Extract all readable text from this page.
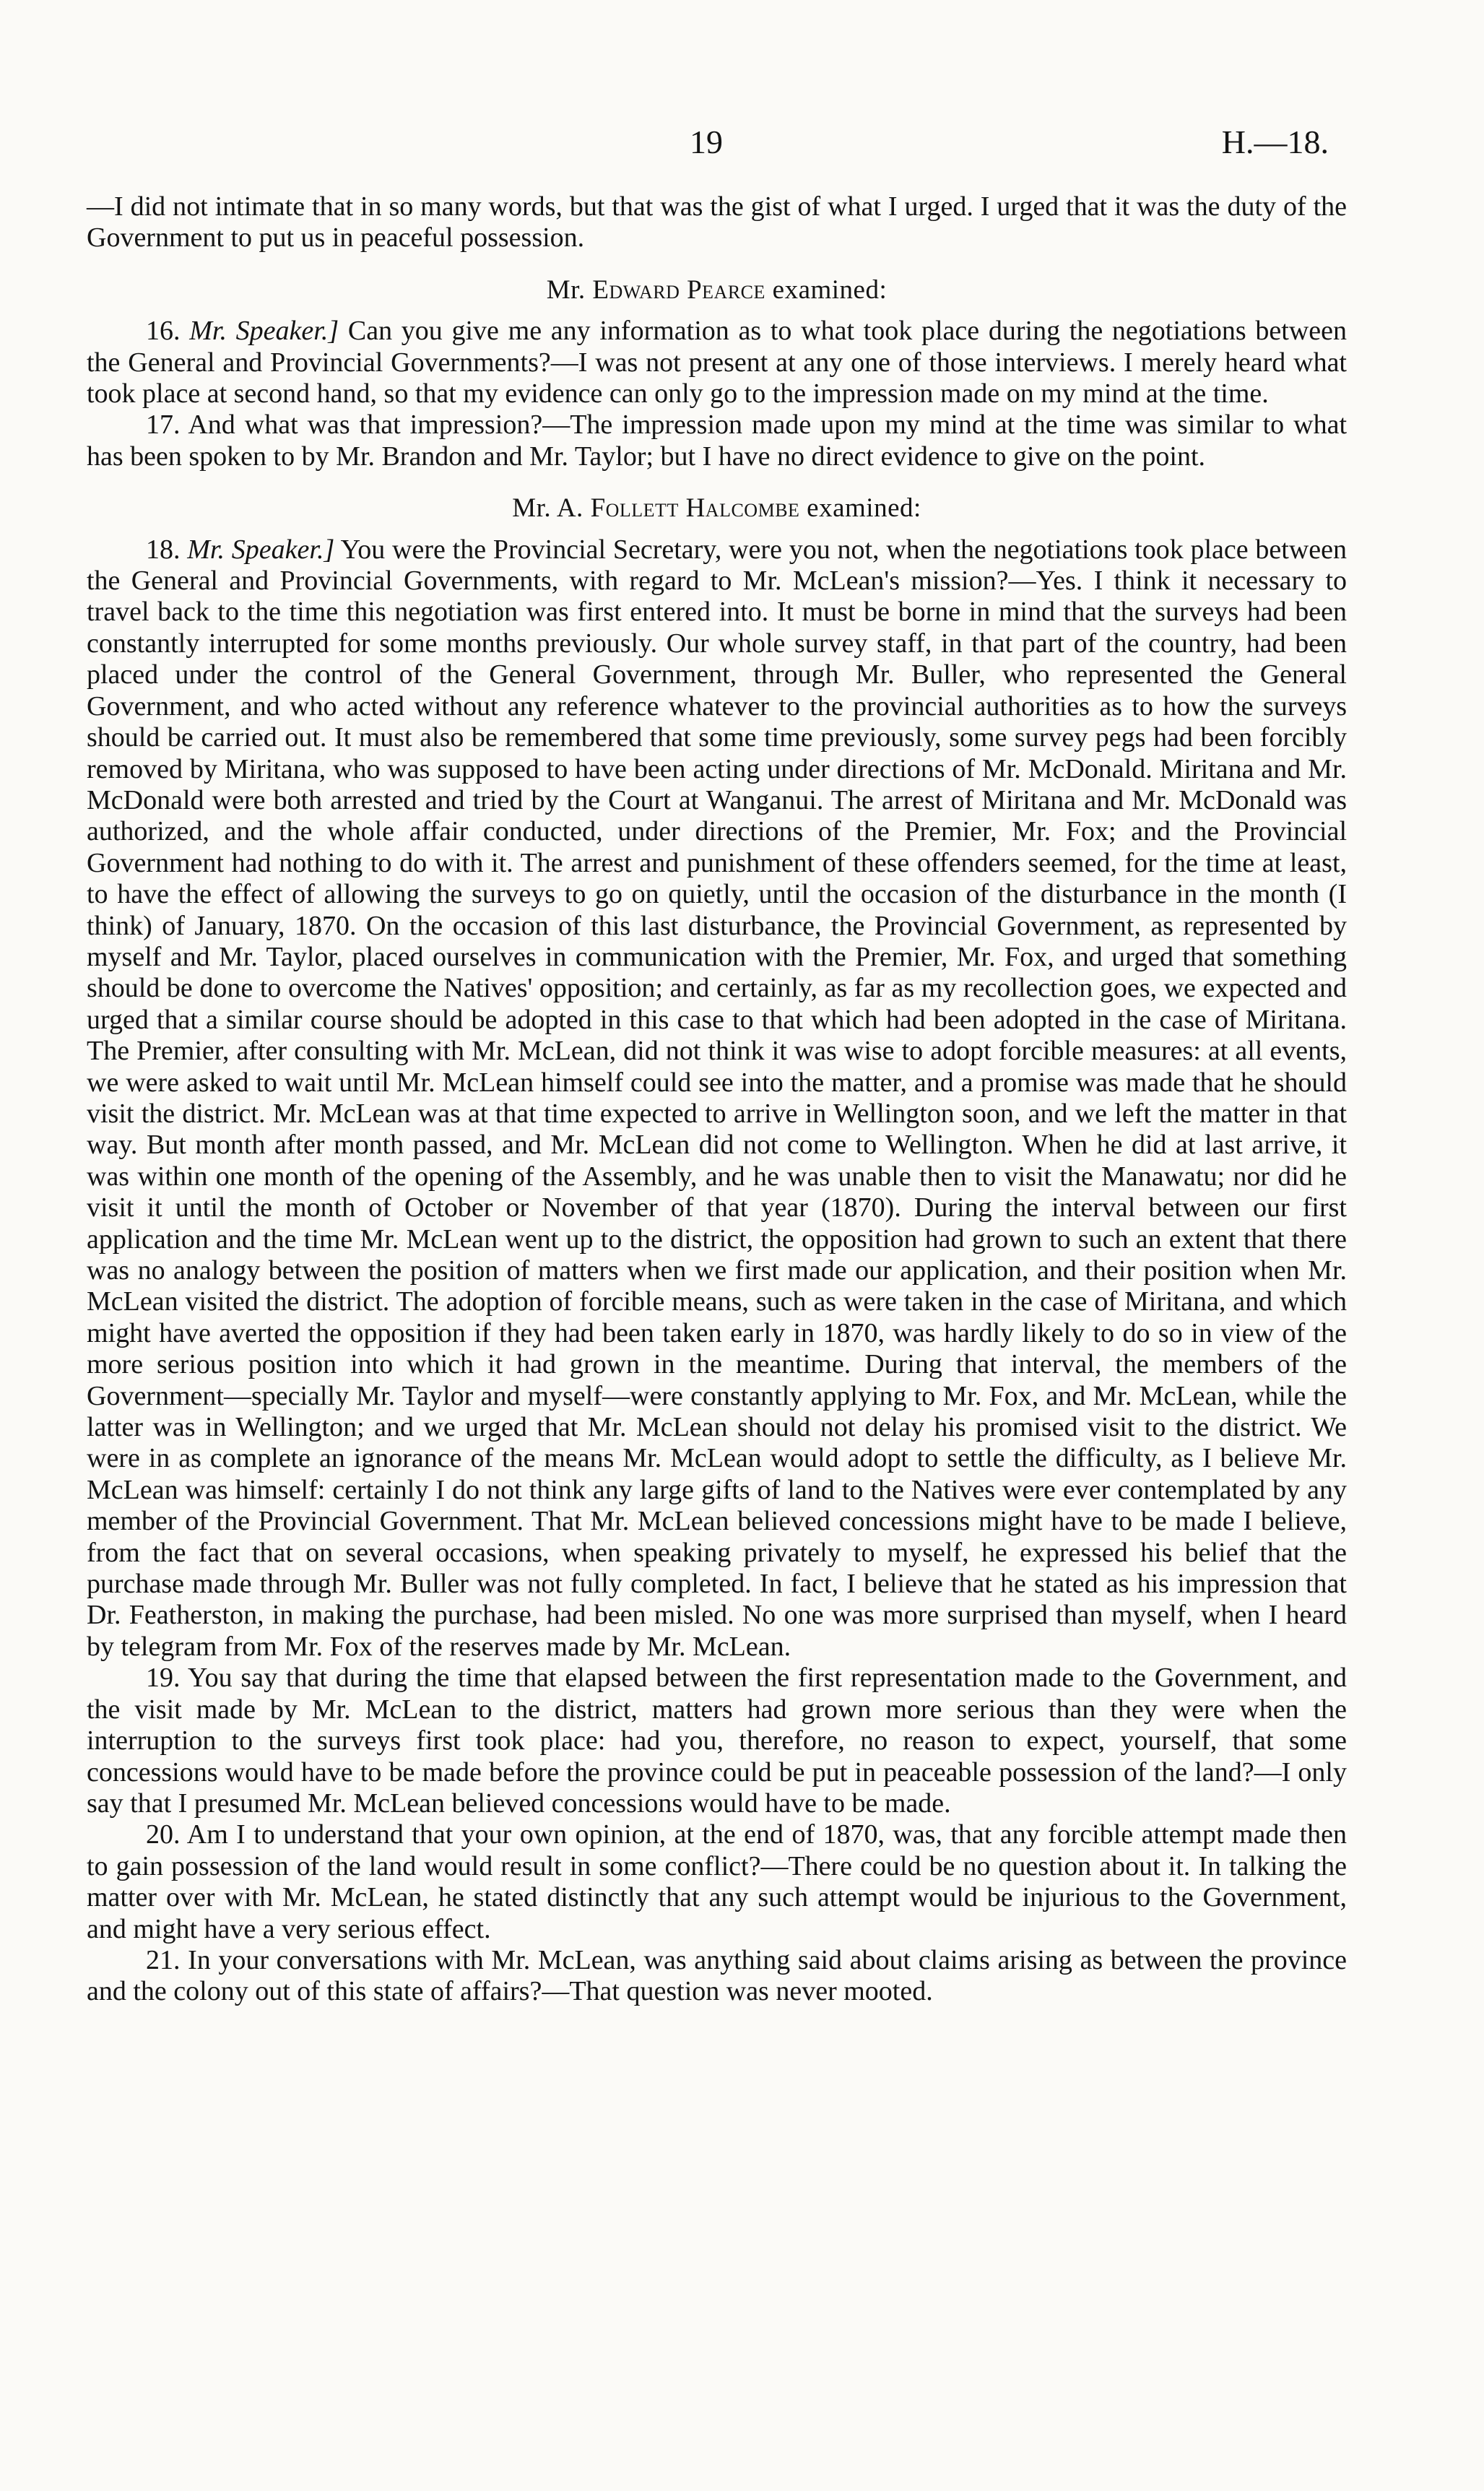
19	H.—18.

—I did not intimate that in so many words, but that was the gist of what I urged. I urged that it was the duty of the Government to put us in peaceful possession.

Mr. Edward Pearce examined:

16. Mr. Speaker.] Can you give me any information as to what took place during the negotiations between the General and Provincial Governments?—I was not present at any one of those interviews. I merely heard what took place at second hand, so that my evidence can only go to the impression made on my mind at the time.

17. And what was that impression?—The impression made upon my mind at the time was similar to what has been spoken to by Mr. Brandon and Mr. Taylor; but I have no direct evidence to give on the point.

Mr. A. Follett Halcombe examined:

18. Mr. Speaker.] You were the Provincial Secretary, were you not, when the negotiations took place between the General and Provincial Governments, with regard to Mr. McLean's mission?—Yes. I think it necessary to travel back to the time this negotiation was first entered into. It must be borne in mind that the surveys had been constantly interrupted for some months previously. Our whole survey staff, in that part of the country, had been placed under the control of the General Government, through Mr. Buller, who represented the General Government, and who acted without any reference whatever to the provincial authorities as to how the surveys should be carried out. It must also be remembered that some time previously, some survey pegs had been forcibly removed by Miritana, who was supposed to have been acting under directions of Mr. McDonald. Miritana and Mr. McDonald were both arrested and tried by the Court at Wanganui. The arrest of Miritana and Mr. McDonald was authorized, and the whole affair conducted, under directions of the Premier, Mr. Fox; and the Provincial Government had nothing to do with it. The arrest and punishment of these offenders seemed, for the time at least, to have the effect of allowing the surveys to go on quietly, until the occasion of the disturbance in the month (I think) of January, 1870. On the occasion of this last disturbance, the Provincial Government, as represented by myself and Mr. Taylor, placed ourselves in communication with the Premier, Mr. Fox, and urged that something should be done to overcome the Natives' opposition; and certainly, as far as my recollection goes, we expected and urged that a similar course should be adopted in this case to that which had been adopted in the case of Miritana. The Premier, after consulting with Mr. McLean, did not think it was wise to adopt forcible measures: at all events, we were asked to wait until Mr. McLean himself could see into the matter, and a promise was made that he should visit the district. Mr. McLean was at that time expected to arrive in Wellington soon, and we left the matter in that way. But month after month passed, and Mr. McLean did not come to Wellington. When he did at last arrive, it was within one month of the opening of the Assembly, and he was unable then to visit the Manawatu; nor did he visit it until the month of October or November of that year (1870). During the interval between our first application and the time Mr. McLean went up to the district, the opposition had grown to such an extent that there was no analogy between the position of matters when we first made our application, and their position when Mr. McLean visited the district. The adoption of forcible means, such as were taken in the case of Miritana, and which might have averted the opposition if they had been taken early in 1870, was hardly likely to do so in view of the more serious position into which it had grown in the meantime. During that interval, the members of the Government—specially Mr. Taylor and myself—were constantly applying to Mr. Fox, and Mr. McLean, while the latter was in Wellington; and we urged that Mr. McLean should not delay his promised visit to the district. We were in as complete an ignorance of the means Mr. McLean would adopt to settle the difficulty, as I believe Mr. McLean was himself: certainly I do not think any large gifts of land to the Natives were ever contemplated by any member of the Provincial Government. That Mr. McLean believed concessions might have to be made I believe, from the fact that on several occasions, when speaking privately to myself, he expressed his belief that the purchase made through Mr. Buller was not fully completed. In fact, I believe that he stated as his impression that Dr. Featherston, in making the purchase, had been misled. No one was more surprised than myself, when I heard by telegram from Mr. Fox of the reserves made by Mr. McLean.

19. You say that during the time that elapsed between the first representation made to the Government, and the visit made by Mr. McLean to the district, matters had grown more serious than they were when the interruption to the surveys first took place: had you, therefore, no reason to expect, yourself, that some concessions would have to be made before the province could be put in peaceable possession of the land?—I only say that I presumed Mr. McLean believed concessions would have to be made.

20. Am I to understand that your own opinion, at the end of 1870, was, that any forcible attempt made then to gain possession of the land would result in some conflict?—There could be no question about it. In talking the matter over with Mr. McLean, he stated distinctly that any such attempt would be injurious to the Government, and might have a very serious effect.

21. In your conversations with Mr. McLean, was anything said about claims arising as between the province and the colony out of this state of affairs?—That question was never mooted.
